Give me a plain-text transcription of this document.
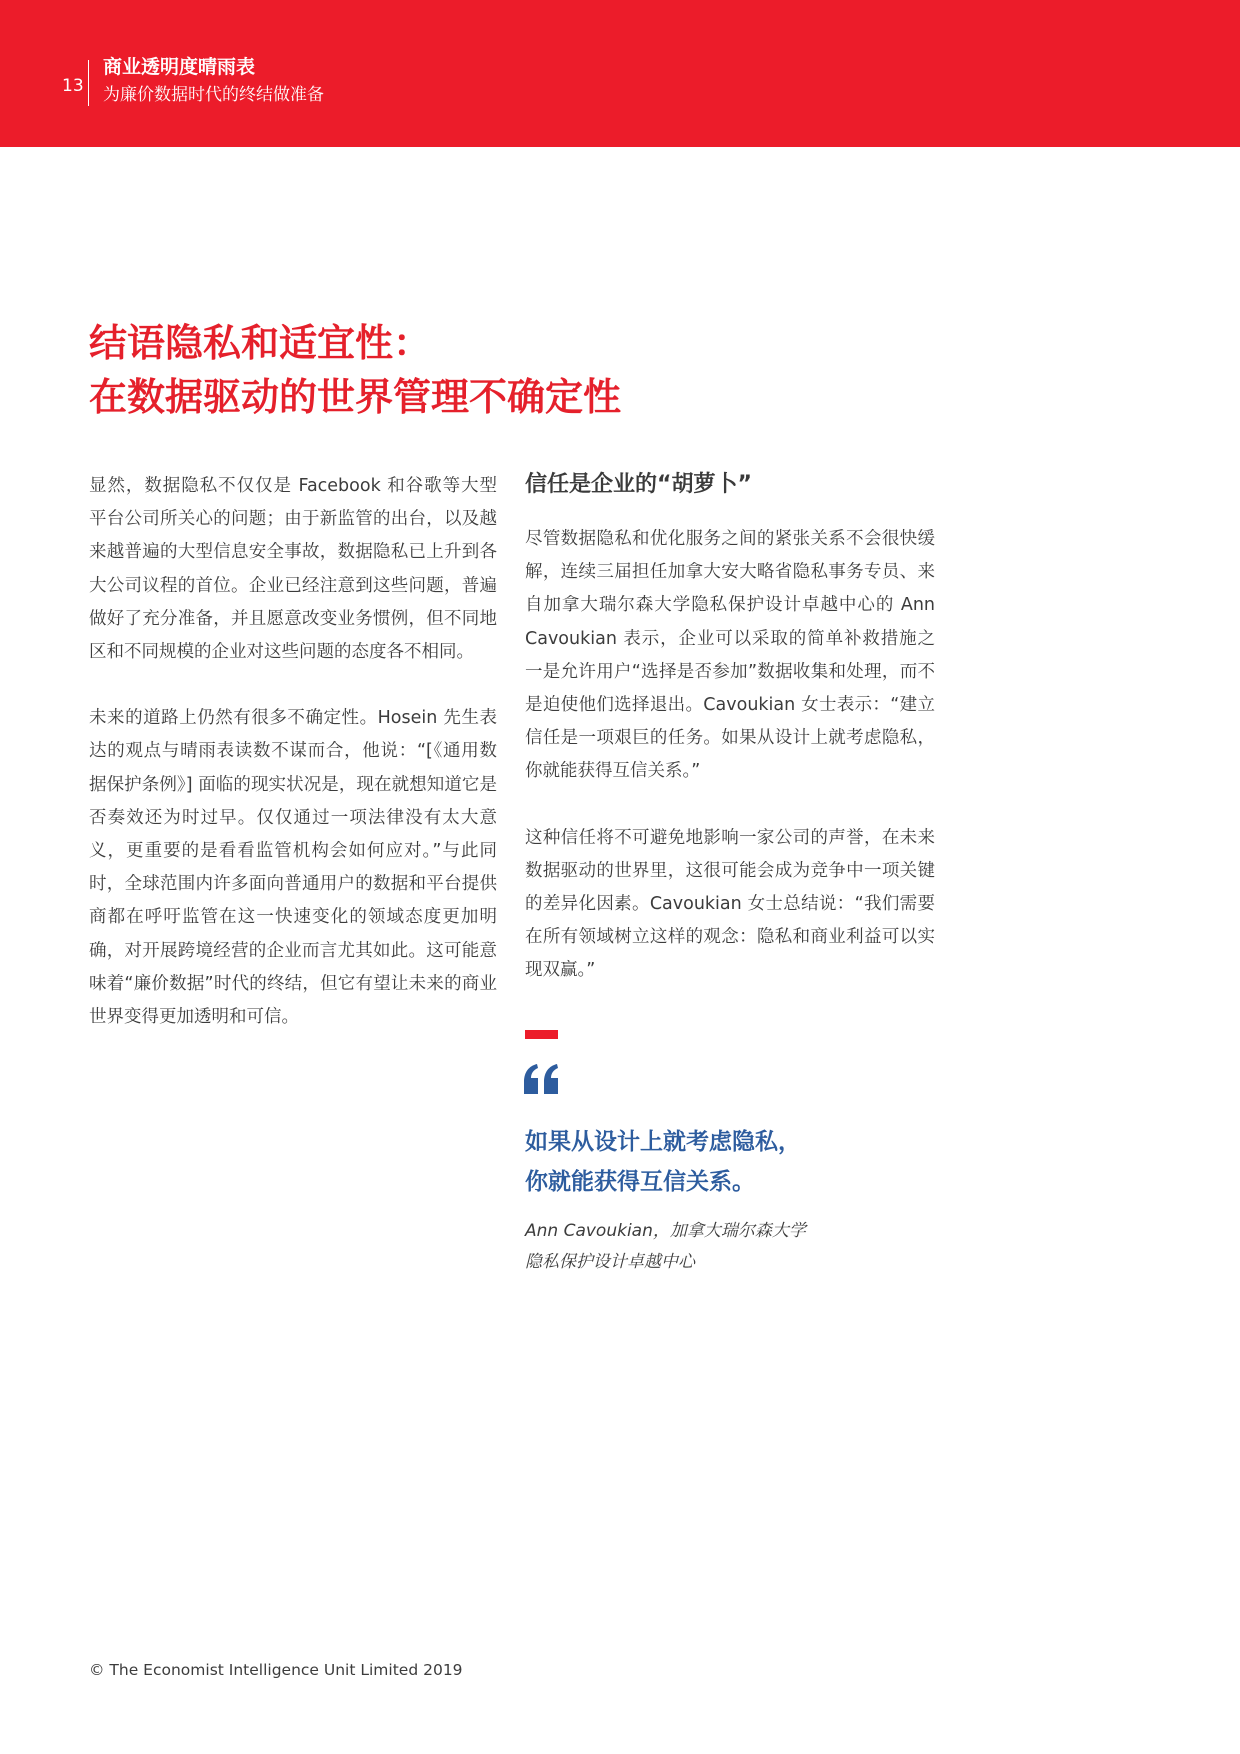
13
商业透明度晴雨表
为廉价数据时代的终结做准备
结语隐私和适宜性：
在数据驱动的世界管理不确定性

显然，数据隐私不仅仅是 Facebook 和谷歌等大型平台公司所关心的问题；由于新监管的出台，以及越来越普遍的大型信息安全事故，数据隐私已上升到各大公司议程的首位。企业已经注意到这些问题，普遍做好了充分准备，并且愿意改变业务惯例，但不同地区和不同规模的企业对这些问题的态度各不相同。

未来的道路上仍然有很多不确定性。Hosein 先生表达的观点与晴雨表读数不谋而合，他说：“[《通用数据保护条例》] 面临的现实状况是，现在就想知道它是否奏效还为时过早。仅仅通过一项法律没有太大意义，更重要的是看看监管机构会如何应对。”与此同时，全球范围内许多面向普通用户的数据和平台提供商都在呼吁监管在这一快速变化的领域态度更加明确，对开展跨境经营的企业而言尤其如此。这可能意味着“廉价数据”时代的终结，但它有望让未来的商业世界变得更加透明和可信。

信任是企业的“胡萝卜”

尽管数据隐私和优化服务之间的紧张关系不会很快缓解，连续三届担任加拿大安大略省隐私事务专员、来自加拿大瑞尔森大学隐私保护设计卓越中心的 Ann Cavoukian 表示，企业可以采取的简单补救措施之一是允许用户“选择是否参加”数据收集和处理，而不是迫使他们选择退出。Cavoukian 女士表示：“建立信任是一项艰巨的任务。如果从设计上就考虑隐私，你就能获得互信关系。”

这种信任将不可避免地影响一家公司的声誉，在未来数据驱动的世界里，这很可能会成为竞争中一项关键的差异化因素。Cavoukian 女士总结说：“我们需要在所有领域树立这样的观念：隐私和商业利益可以实现双赢。”

如果从设计上就考虑隐私，
你就能获得互信关系。
Ann Cavoukian，加拿大瑞尔森大学
隐私保护设计卓越中心
© The Economist Intelligence Unit Limited 2019
